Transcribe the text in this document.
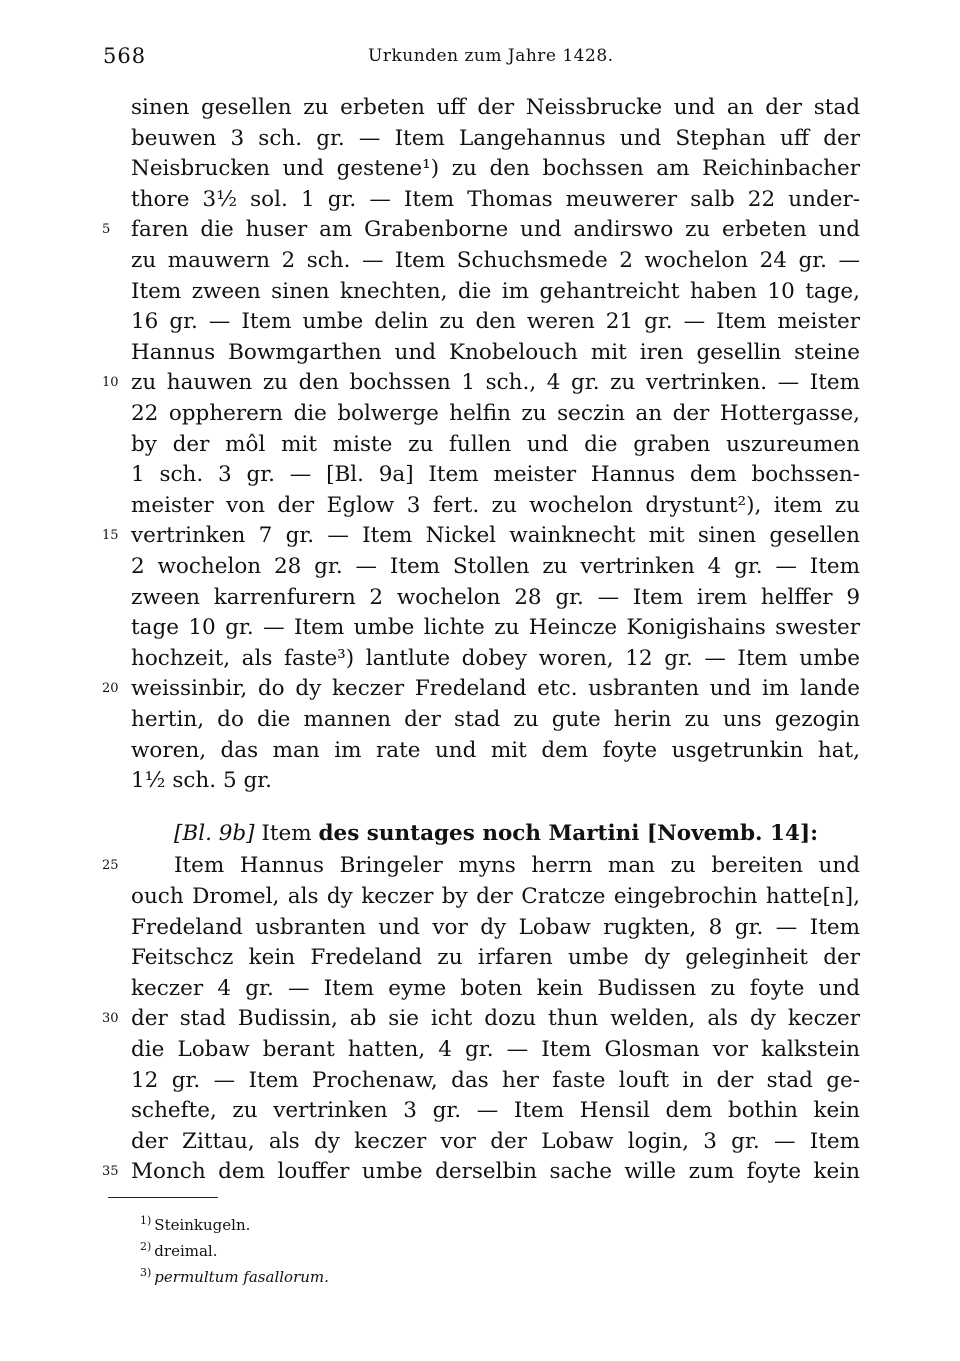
568	Urkunden zum Jahre 1428.
sinen gesellen zu erbeten uff der Neissbrucke und an der stad
beuwen 3 sch. gr. — Item Langehannus und Stephan uff der
Neisbrucken und gestene¹) zu den bochssen am Reichinbacher
thore 3½ sol. 1 gr. — Item Thomas meuwerer salb 22 under-
faren die huser am Grabenborne und andirswo zu erbeten und
5
zu mauwern 2 sch. — Item Schuchsmede 2 wochelon 24 gr. —
Item zween sinen knechten, die im gehantreicht haben 10 tage,
16 gr. — Item umbe delin zu den weren 21 gr. — Item meister
Hannus Bowmgarthen und Knobelouch mit iren gesellin steine
zu hauwen zu den bochssen 1 sch., 4 gr. zu vertrinken. — Item
10
22 oppherern die bolwerge helfin zu seczin an der Hottergasse,
by der môl mit miste zu fullen und die graben uszureumen
1 sch. 3 gr. — [Bl. 9a] Item meister Hannus dem bochssen-
meister von der Eglow 3 fert. zu wochelon drystunt²), item zu
vertrinken 7 gr. — Item Nickel wainknecht mit sinen gesellen
15
2 wochelon 28 gr. — Item Stollen zu vertrinken 4 gr. — Item
zween karrenfurern 2 wochelon 28 gr. — Item irem helffer 9
tage 10 gr. — Item umbe lichte zu Heincze Konigishains swester
hochzeit, als faste³) lantlute dobey woren, 12 gr. — Item umbe
weissinbir, do dy keczer Fredeland etc. usbranten und im lande
20
hertin, do die mannen der stad zu gute herin zu uns gezogin
woren, das man im rate und mit dem foyte usgetrunkin hat,
1½ sch. 5 gr.
[Bl. 9b] Item des suntages noch Martini [Novemb. 14]:
Item Hannus Bringeler myns herrn man zu bereiten und
25
ouch Dromel, als dy keczer by der Cratcze eingebrochin hatte[n],
Fredeland usbranten und vor dy Lobaw rugkten, 8 gr. — Item
Feitschcz kein Fredeland zu irfaren umbe dy geleginheit der
keczer 4 gr. — Item eyme boten kein Budissen zu foyte und
der stad Budissin, ab sie icht dozu thun welden, als dy keczer
30
die Lobaw berant hatten, 4 gr. — Item Glosman vor kalkstein
12 gr. — Item Prochenaw, das her faste louft in der stad ge-
schefte, zu vertrinken 3 gr. — Item Hensil dem bothin kein
der Zittau, als dy keczer vor der Lobaw login, 3 gr. — Item
Monch dem louffer umbe derselbin sache wille zum foyte kein
35
$^{1)}$ Steinkugeln.
$^{2)}$ dreimal.
$^{3)}$ permultum fasallorum.
